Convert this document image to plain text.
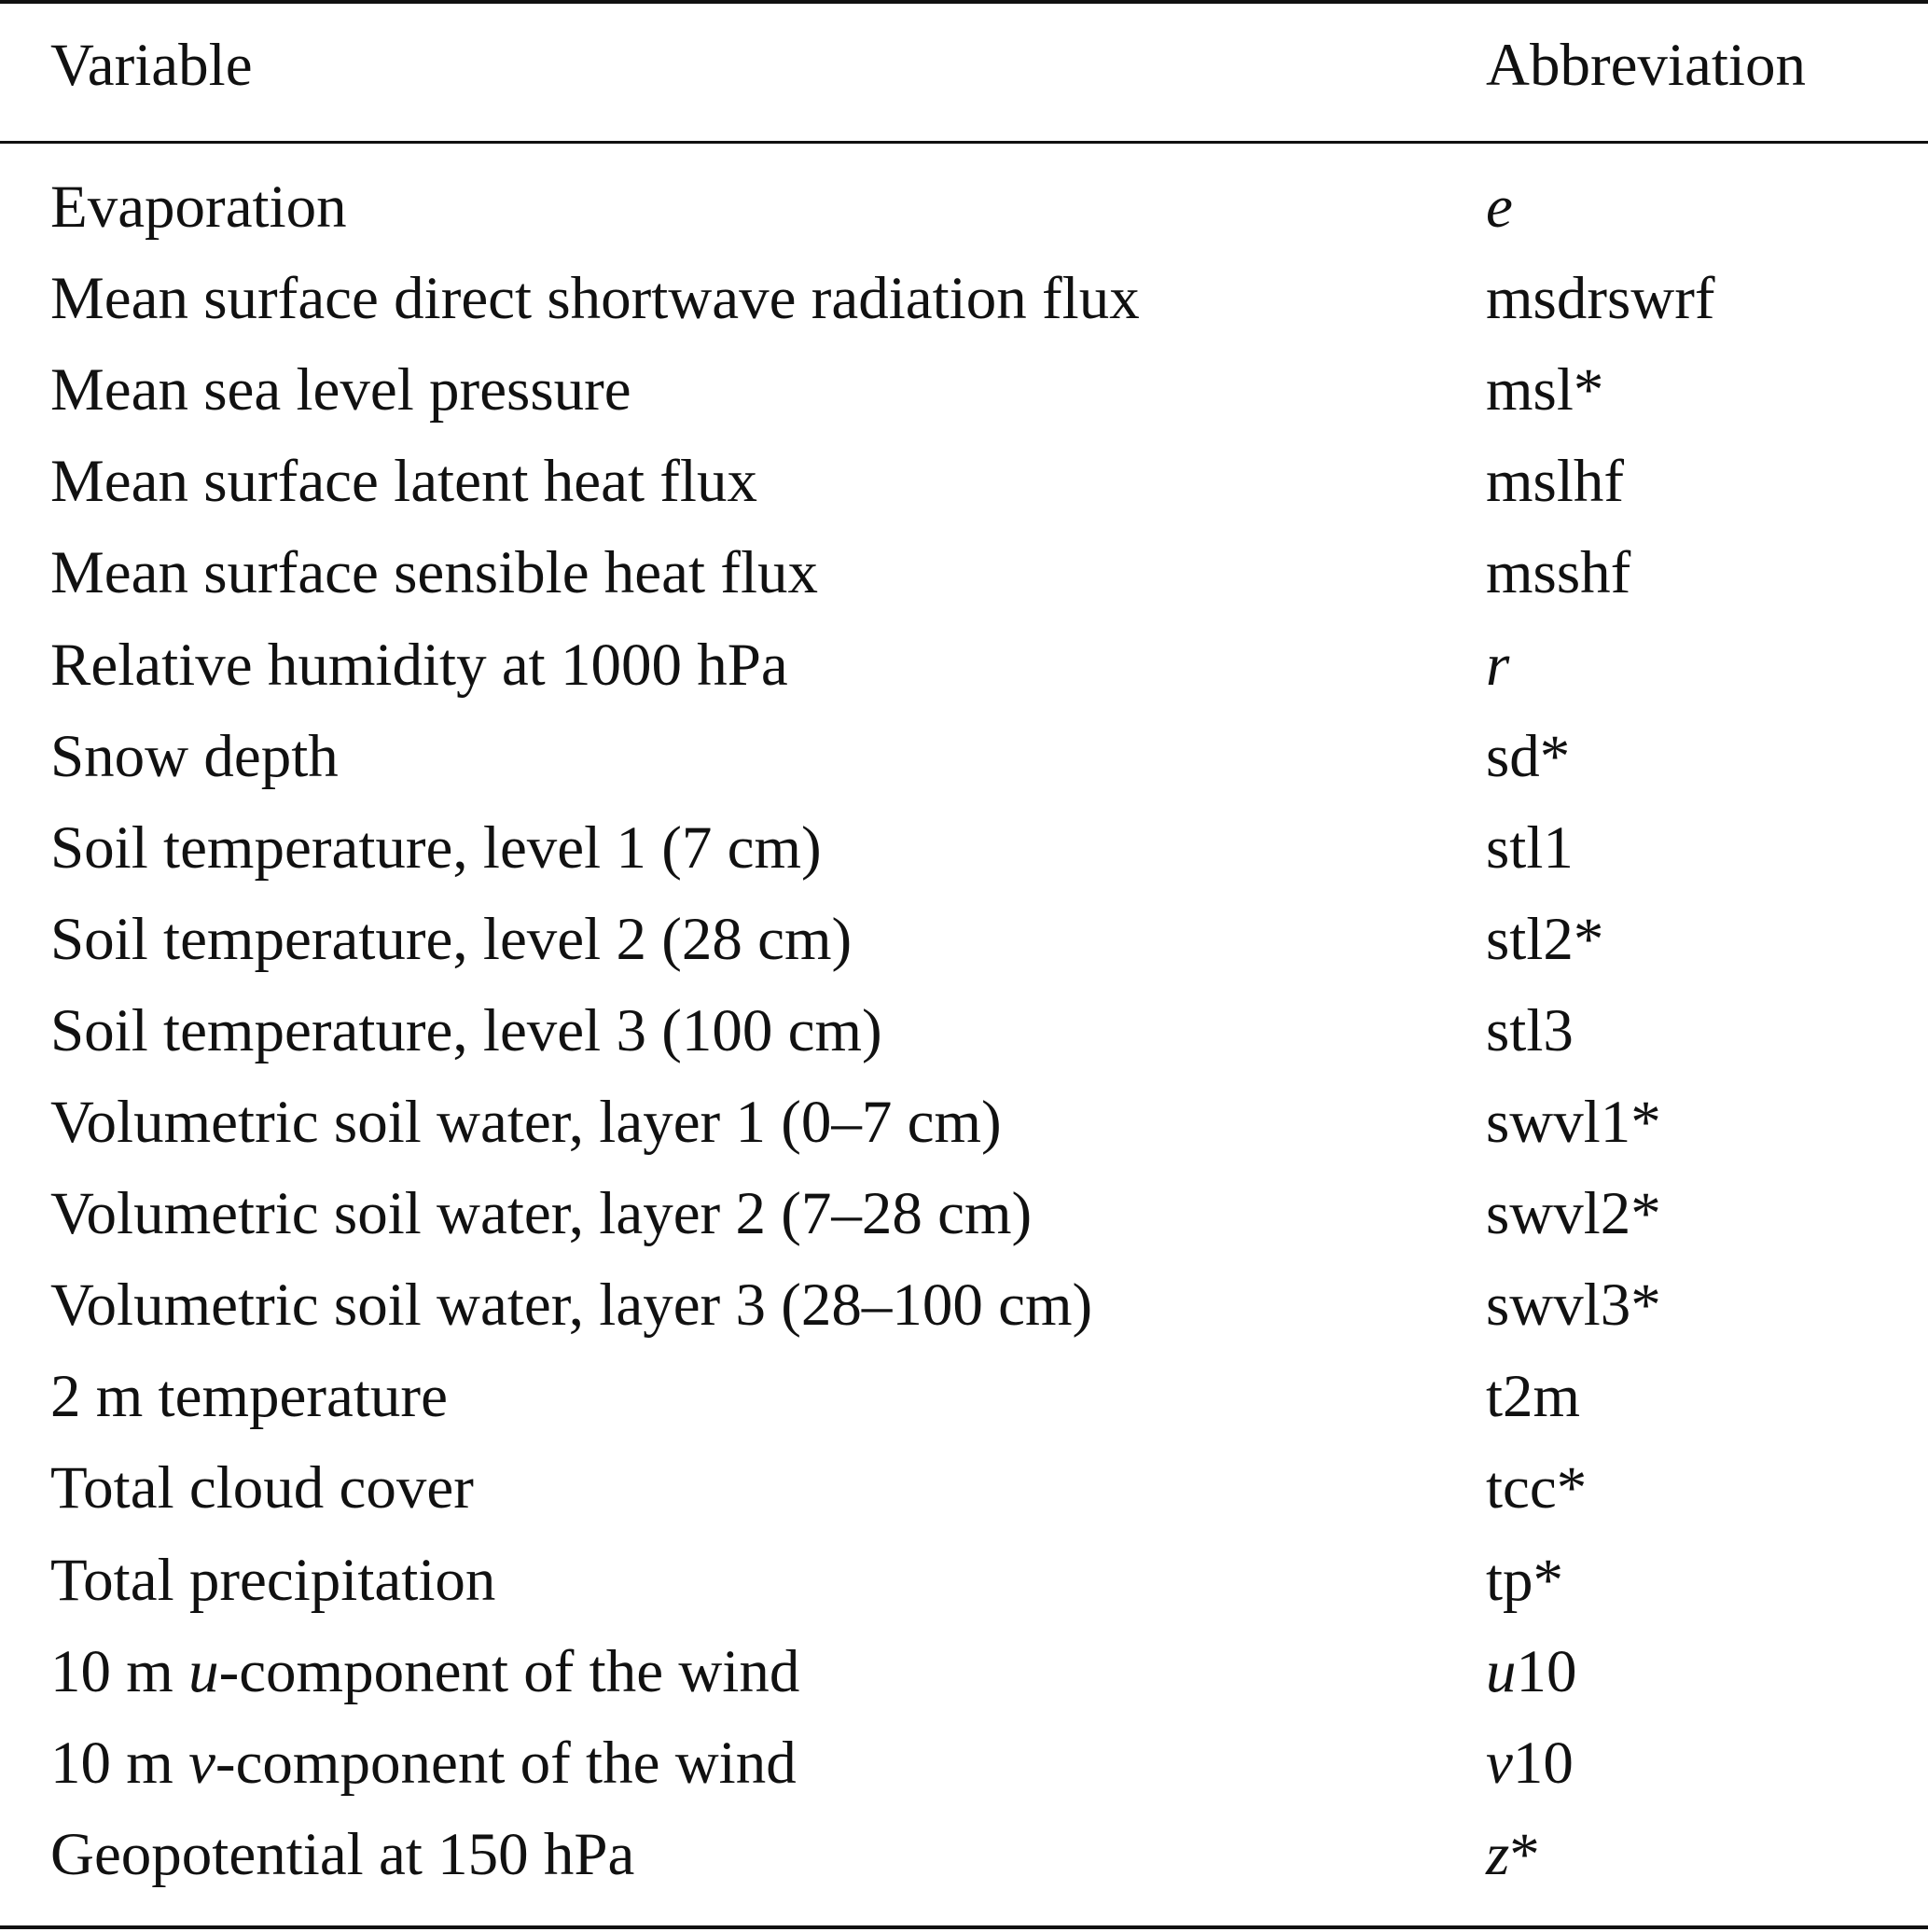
Variable	Abbreviation
Evaporation	e
Mean surface direct shortwave radiation flux	msdrswrf
Mean sea level pressure	msl*
Mean surface latent heat flux	mslhf
Mean surface sensible heat flux	msshf
Relative humidity at 1000 hPa	r
Snow depth	sd*
Soil temperature, level 1 (7 cm)	stl1
Soil temperature, level 2 (28 cm)	stl2*
Soil temperature, level 3 (100 cm)	stl3
Volumetric soil water, layer 1 (0–7 cm)	swvl1*
Volumetric soil water, layer 2 (7–28 cm)	swvl2*
Volumetric soil water, layer 3 (28–100 cm)	swvl3*
2 m temperature	t2m
Total cloud cover	tcc*
Total precipitation	tp*
10 m u-component of the wind	u10
10 m v-component of the wind	v10
Geopotential at 150 hPa	z*
